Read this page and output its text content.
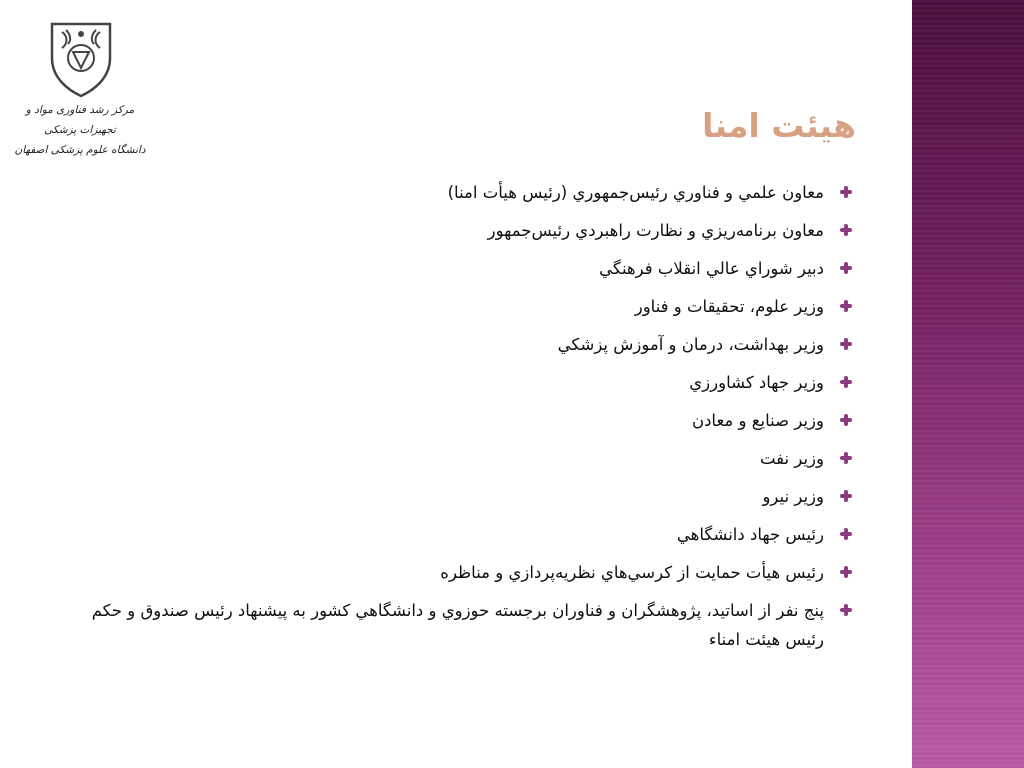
مرکز رشد فناوری مواد و تجهیزات پزشکی
دانشگاه علوم پزشکی اصفهان
هيئت امنا
معاون علمي و فناوري رئيس‌جمهوري (رئيس هيأت امنا)
معاون برنامه‌ريزي و نظارت راهبردي رئيس‌جمهور
دبير شوراي عالي انقلاب فرهنگي
وزير علوم، تحقيقات و فناور
وزير بهداشت، درمان و آموزش پزشكي
وزير جهاد كشاورزي
وزير صنايع و معادن
وزير نفت
وزير نيرو
رئيس جهاد دانشگاهي
رئيس هيأت حمايت از كرسي‌هاي نظريه‌پردازي و مناظره
پنج نفر از اساتيد، پژوهشگران و فناوران برجسته حوزوي و دانشگاهي كشور به پيشنهاد رئيس صندوق و حكم رئيس هيئت امناء
